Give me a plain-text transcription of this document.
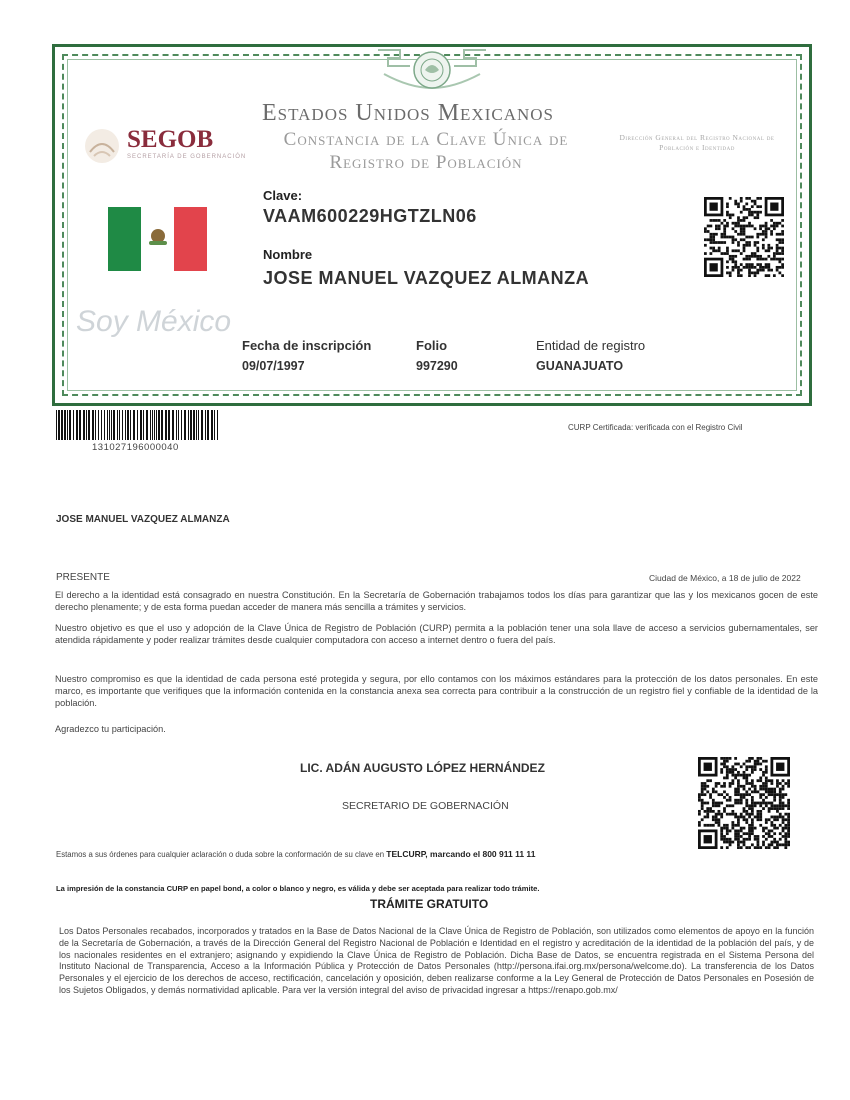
Estados Unidos Mexicanos
Constancia de la Clave Única de Registro de Población
SEGOB
SECRETARÍA DE GOBERNACIÓN
Dirección General del Registro Nacional de Población e Identidad
Clave:
VAAM600229HGTZLN06
Nombre
JOSE MANUEL VAZQUEZ ALMANZA
Soy México
Fecha de inscripción
09/07/1997
Folio
997290
Entidad de registro
GUANAJUATO
131027196000040
CURP Certificada: verificada con el Registro Civil
JOSE MANUEL VAZQUEZ ALMANZA
PRESENTE	Ciudad de México, a 18 de julio de 2022
El derecho a la identidad está consagrado en nuestra Constitución. En la Secretaría de Gobernación trabajamos todos los días para garantizar que las y los mexicanos gocen de este derecho plenamente; y de esta forma puedan acceder de manera más sencilla a trámites y servicios.
Nuestro objetivo es que el uso y adopción de la Clave Única de Registro de Población (CURP) permita a la población tener una sola llave de acceso a servicios gubernamentales, ser atendida rápidamente y poder realizar trámites desde cualquier computadora con acceso a internet dentro o fuera del país.
Nuestro compromiso es que la identidad de cada persona esté protegida y segura, por ello contamos con los máximos estándares para la protección de los datos personales. En este marco, es importante que verifiques que la información contenida en la constancia anexa sea correcta para contribuir a la construcción de un registro fiel y confiable de la identidad de la población.
Agradezco tu participación.
LIC. ADÁN AUGUSTO LÓPEZ HERNÁNDEZ
SECRETARIO DE GOBERNACIÓN
Estamos a sus órdenes para cualquier aclaración o duda sobre la conformación de su clave en TELCURP, marcando el 800 911 11 11
La impresión de la constancia CURP en papel bond, a color o blanco y negro, es válida y debe ser aceptada para realizar todo trámite.
TRÁMITE GRATUITO
Los Datos Personales recabados, incorporados y tratados en la Base de Datos Nacional de la Clave Única de Registro de Población, son utilizados como elementos de apoyo en la función de la Secretaría de Gobernación, a través de la Dirección General del Registro Nacional de Población e Identidad en el registro y acreditación de la identidad de la población del país, y de los nacionales residentes en el extranjero; asignando y expidiendo la Clave Única de Registro de Población. Dicha Base de Datos, se encuentra registrada en el Sistema Persona del Instituto Nacional de Transparencia, Acceso a la Información Pública y Protección de Datos Personales (http://persona.ifai.org.mx/persona/welcome.do). La transferencia de los Datos Personales y el ejercicio de los derechos de acceso, rectificación, cancelación y oposición, deben realizarse conforme a la Ley General de Protección de Datos Personales en Posesión de los Sujetos Obligados, y demás normatividad aplicable. Para ver la versión integral del aviso de privacidad ingresar a https://renapo.gob.mx/
